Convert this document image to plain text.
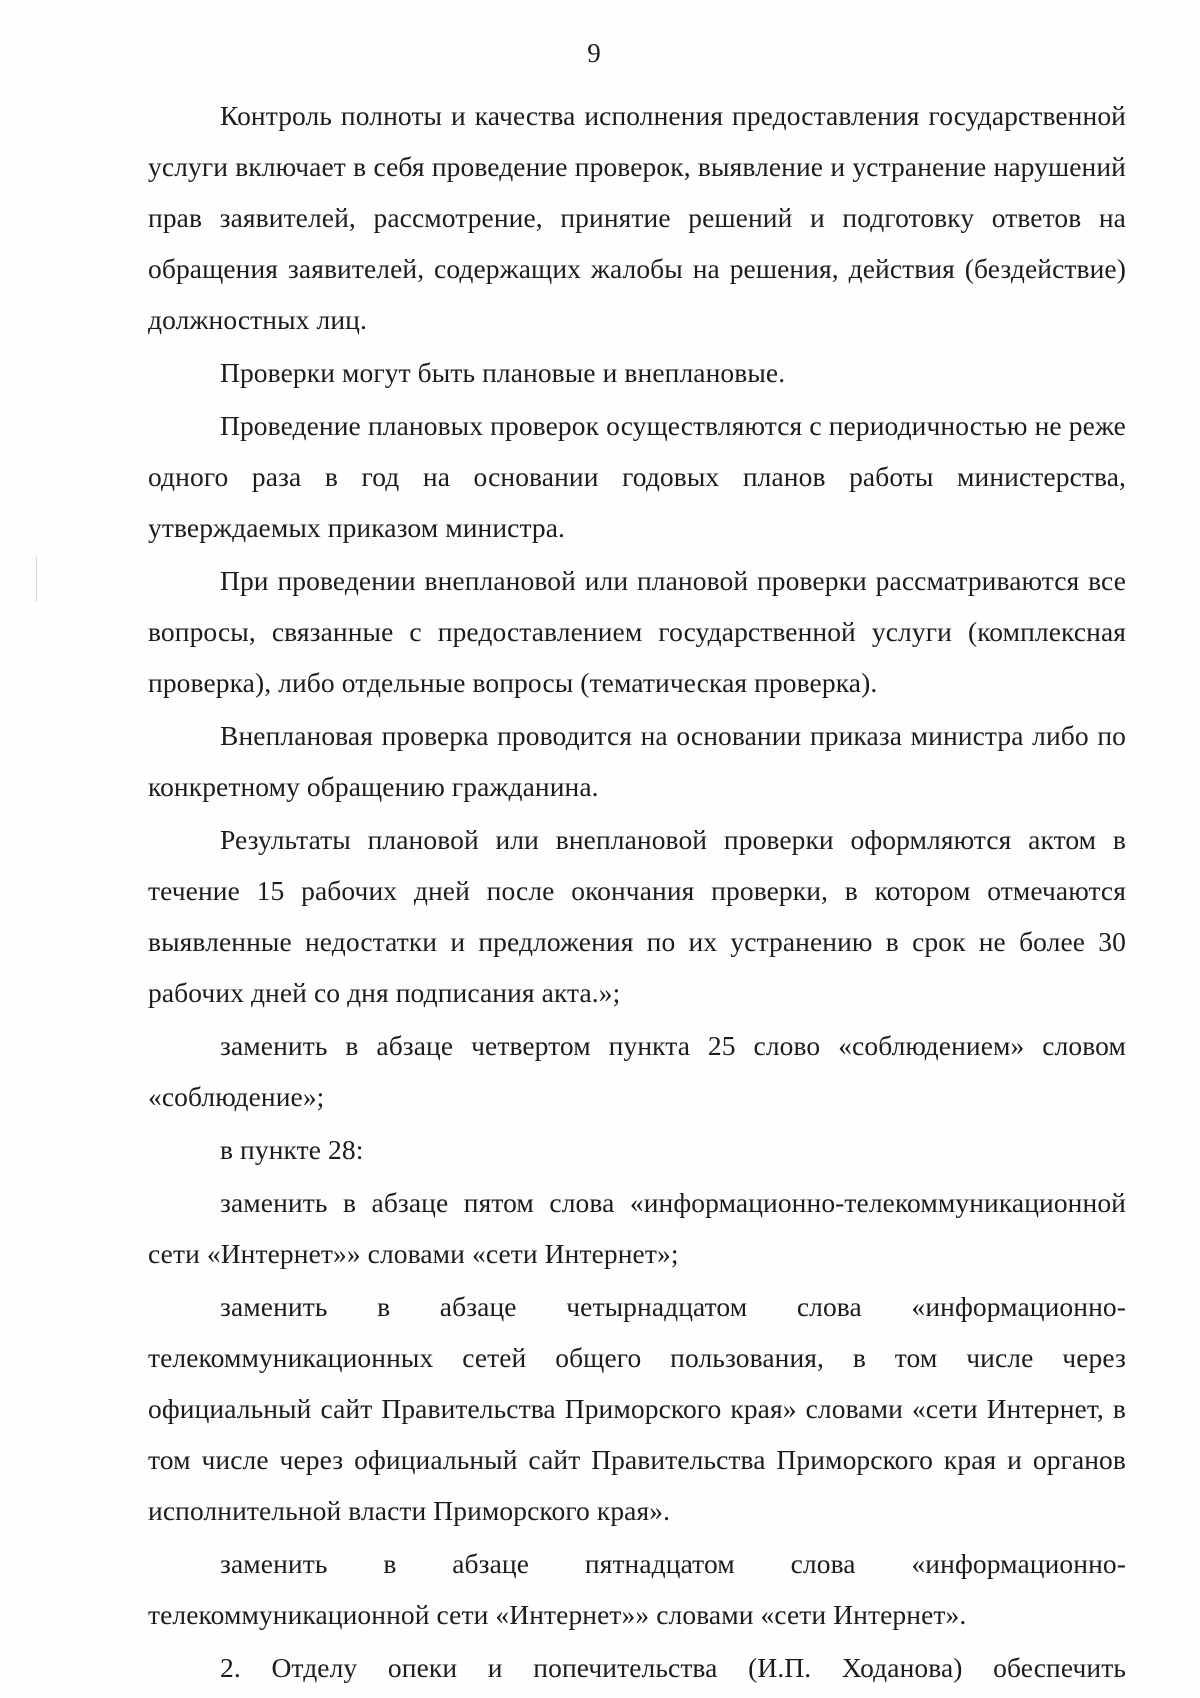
9

Контроль полноты и качества исполнения предоставления государственной услуги включает в себя проведение проверок, выявление и устранение нарушений прав заявителей, рассмотрение, принятие решений и подготовку ответов на обращения заявителей, содержащих жалобы на решения, действия (бездействие) должностных лиц.

Проверки могут быть плановые и внеплановые.

Проведение плановых проверок осуществляются с периодичностью не реже одного раза в год на основании годовых планов работы министерства, утверждаемых приказом министра.

При проведении внеплановой или плановой проверки рассматриваются все вопросы, связанные с предоставлением государственной услуги (комплексная проверка), либо отдельные вопросы (тематическая проверка).

Внеплановая проверка проводится на основании приказа министра либо по конкретному обращению гражданина.

Результаты плановой или внеплановой проверки оформляются актом в течение 15 рабочих дней после окончания проверки, в котором отмечаются выявленные недостатки и предложения по их устранению в срок не более 30 рабочих дней со дня подписания акта.»;

заменить в абзаце четвертом пункта 25 слово «соблюдением» словом «соблюдение»;

в пункте 28:

заменить в абзаце пятом слова «информационно-телекоммуникационной сети «Интернет»» словами «сети Интернет»;

заменить в абзаце четырнадцатом слова «информационно-телекоммуникационных сетей общего пользования, в том числе через официальный сайт Правительства Приморского края» словами «сети Интернет, в том числе через официальный сайт Правительства Приморского края и органов исполнительной власти Приморского края».

заменить в абзаце пятнадцатом слова «информационно-телекоммуникационной сети «Интернет»» словами «сети Интернет».

2. Отделу опеки и попечительства (И.П. Ходанова) обеспечить
